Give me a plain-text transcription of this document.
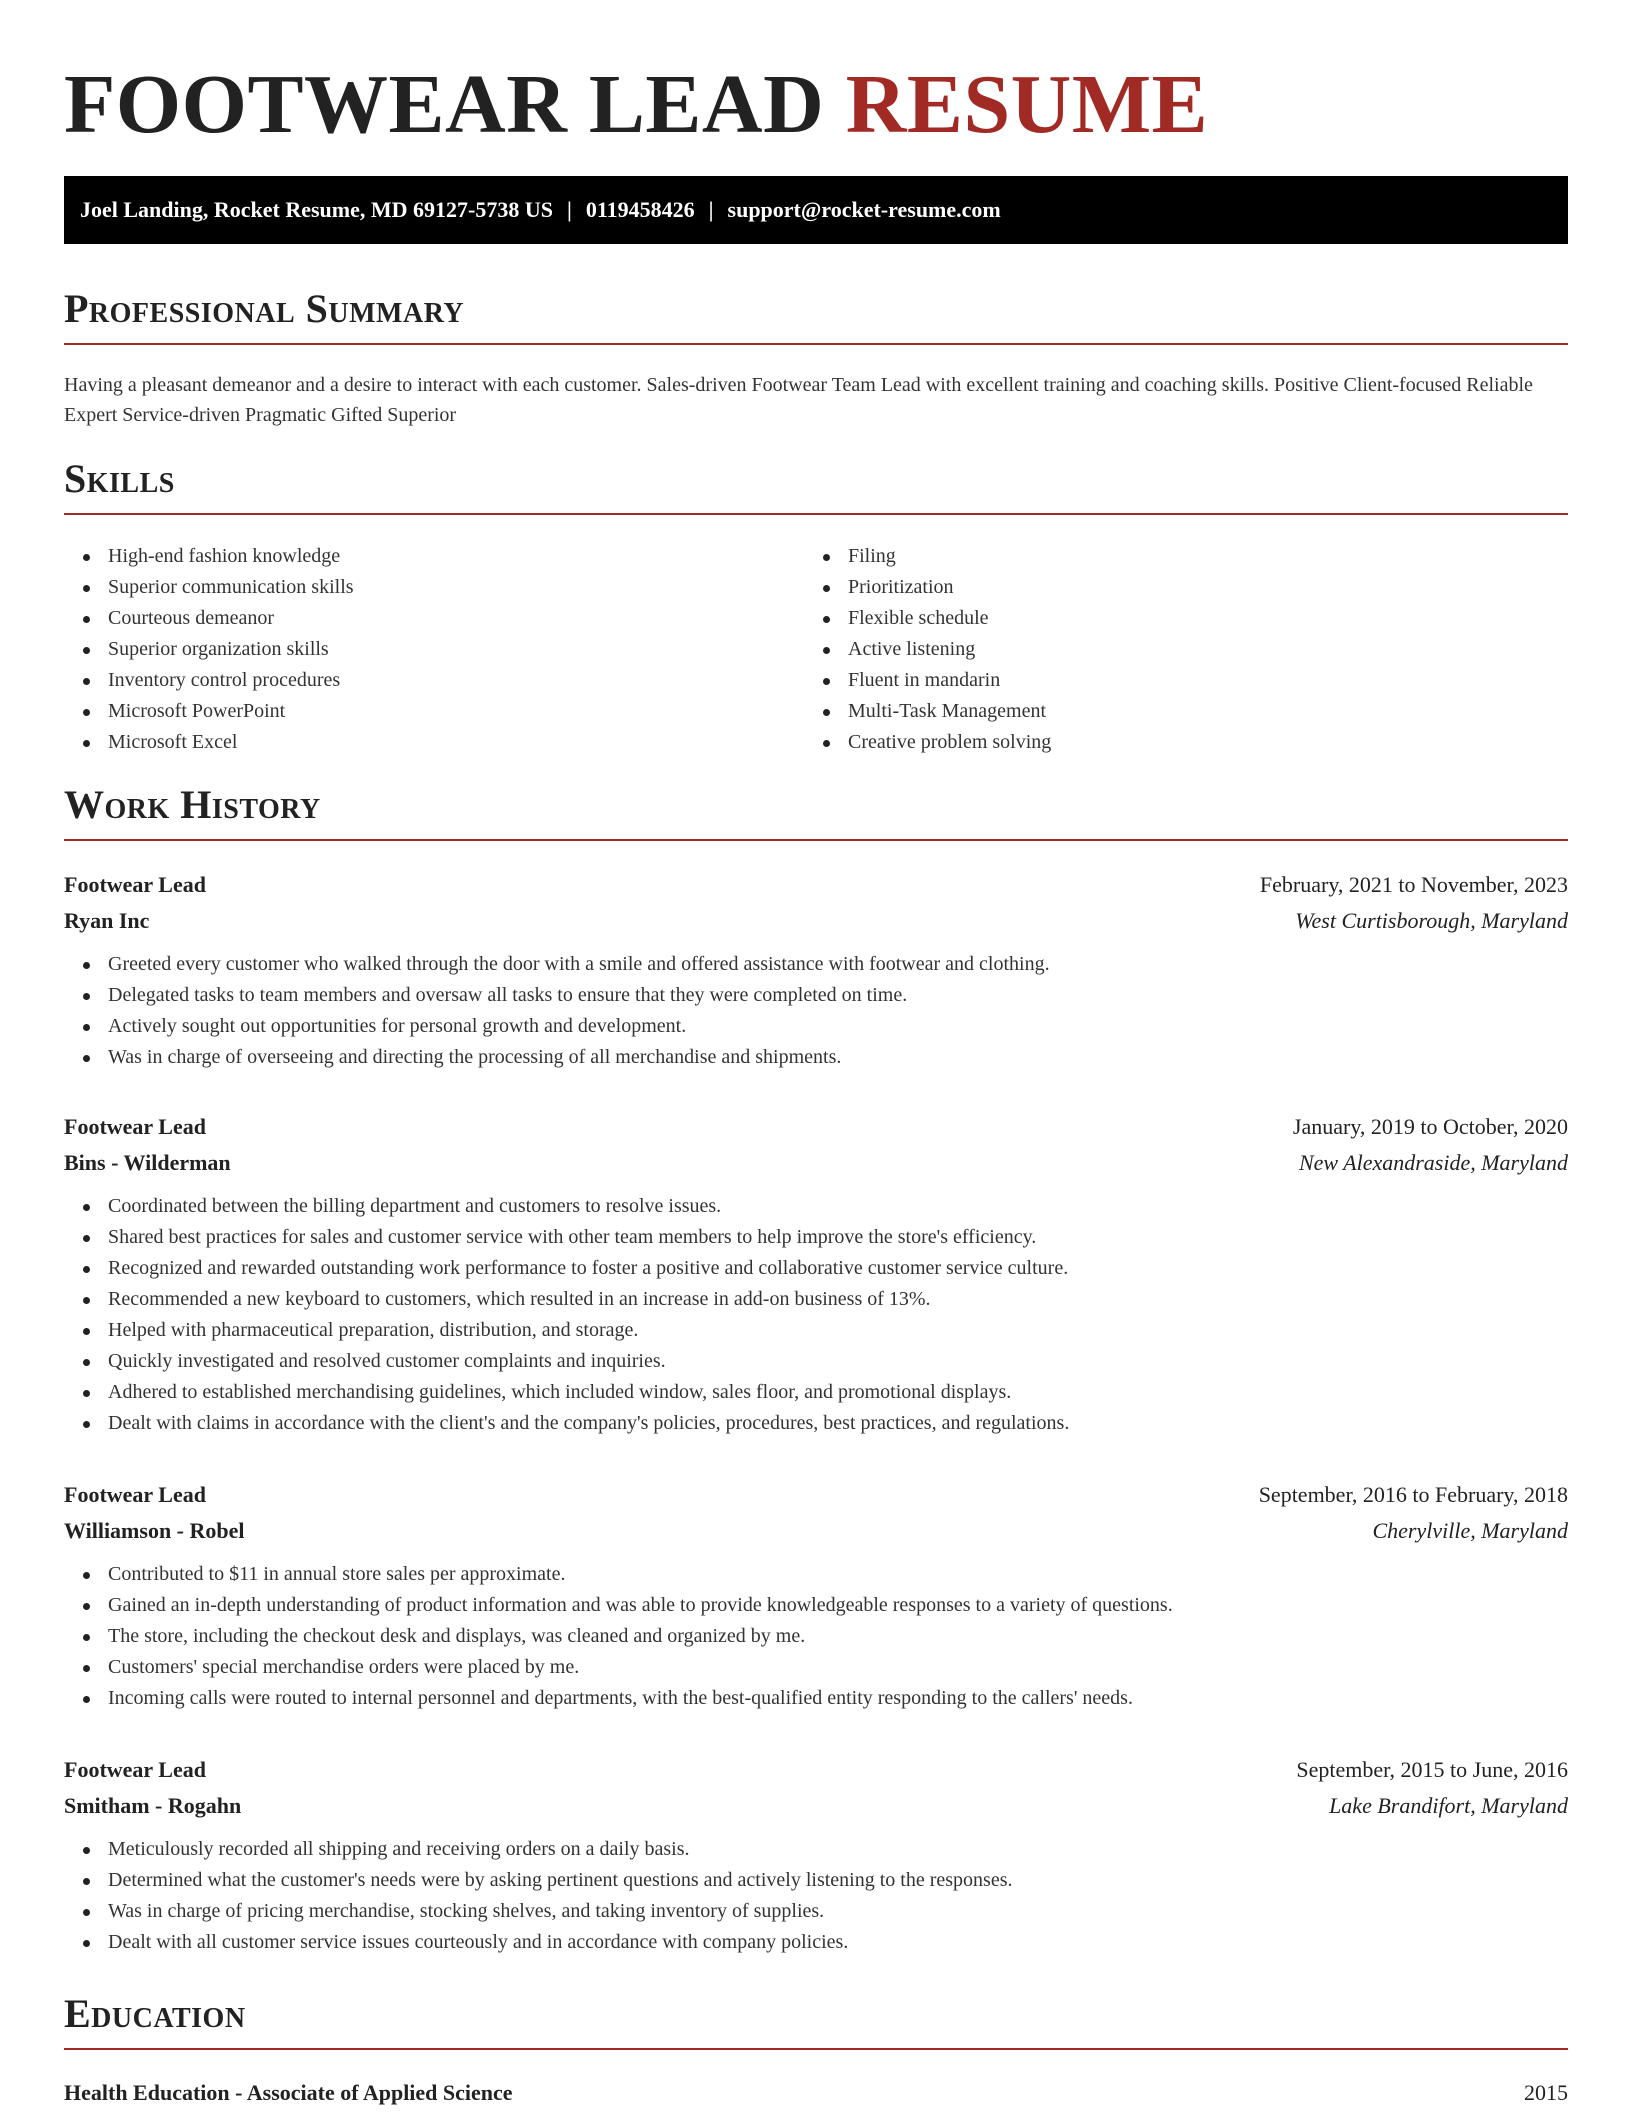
FOOTWEAR LEAD RESUME
Joel Landing, Rocket Resume, MD 69127-5738 US | 0119458426 | support@rocket-resume.com
Professional Summary

Having a pleasant demeanor and a desire to interact with each customer. Sales-driven Footwear Team Lead with excellent training and coaching skills. Positive Client-focused Reliable Expert Service-driven Pragmatic Gifted Superior

Skills
High-end fashion knowledge
Superior communication skills
Courteous demeanor
Superior organization skills
Inventory control procedures
Microsoft PowerPoint
Microsoft Excel
Filing
Prioritization
Flexible schedule
Active listening
Fluent in mandarin
Multi-Task Management
Creative problem solving
Work History
Footwear Lead	February, 2021 to November, 2023
Ryan Inc	West Curtisborough, Maryland
Greeted every customer who walked through the door with a smile and offered assistance with footwear and clothing.
Delegated tasks to team members and oversaw all tasks to ensure that they were completed on time.
Actively sought out opportunities for personal growth and development.
Was in charge of overseeing and directing the processing of all merchandise and shipments.
Footwear Lead	January, 2019 to October, 2020
Bins - Wilderman	New Alexandraside, Maryland
Coordinated between the billing department and customers to resolve issues.
Shared best practices for sales and customer service with other team members to help improve the store's efficiency.
Recognized and rewarded outstanding work performance to foster a positive and collaborative customer service culture.
Recommended a new keyboard to customers, which resulted in an increase in add-on business of 13%.
Helped with pharmaceutical preparation, distribution, and storage.
Quickly investigated and resolved customer complaints and inquiries.
Adhered to established merchandising guidelines, which included window, sales floor, and promotional displays.
Dealt with claims in accordance with the client's and the company's policies, procedures, best practices, and regulations.
Footwear Lead	September, 2016 to February, 2018
Williamson - Robel	Cherylville, Maryland
Contributed to $11 in annual store sales per approximate.
Gained an in-depth understanding of product information and was able to provide knowledgeable responses to a variety of questions.
The store, including the checkout desk and displays, was cleaned and organized by me.
Customers' special merchandise orders were placed by me.
Incoming calls were routed to internal personnel and departments, with the best-qualified entity responding to the callers' needs.
Footwear Lead	September, 2015 to June, 2016
Smitham - Rogahn	Lake Brandifort, Maryland
Meticulously recorded all shipping and receiving orders on a daily basis.
Determined what the customer's needs were by asking pertinent questions and actively listening to the responses.
Was in charge of pricing merchandise, stocking shelves, and taking inventory of supplies.
Dealt with all customer service issues courteously and in accordance with company policies.
Education
Health Education - Associate of Applied Science	2015
